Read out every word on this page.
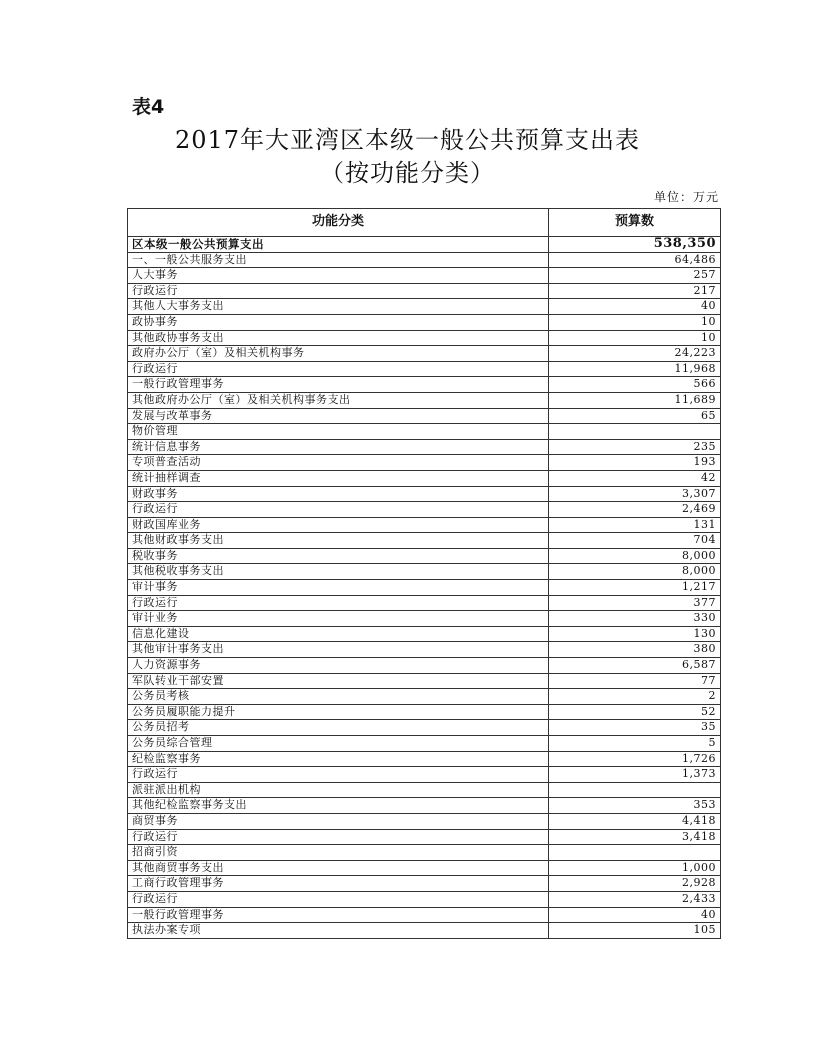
表4
2017年大亚湾区本级一般公共预算支出表
（按功能分类）
单位：万元
功能分类	预算数
区本级一般公共预算支出	538,350
一、一般公共服务支出	64,486
人大事务	257
行政运行	217
其他人大事务支出	40
政协事务	10
其他政协事务支出	10
政府办公厅（室）及相关机构事务	24,223
行政运行	11,968
一般行政管理事务	566
其他政府办公厅（室）及相关机构事务支出	11,689
发展与改革事务	65
物价管理	
统计信息事务	235
专项普查活动	193
统计抽样调查	42
财政事务	3,307
行政运行	2,469
财政国库业务	131
其他财政事务支出	704
税收事务	8,000
其他税收事务支出	8,000
审计事务	1,217
行政运行	377
审计业务	330
信息化建设	130
其他审计事务支出	380
人力资源事务	6,587
军队转业干部安置	77
公务员考核	2
公务员履职能力提升	52
公务员招考	35
公务员综合管理	5
纪检监察事务	1,726
行政运行	1,373
派驻派出机构	
其他纪检监察事务支出	353
商贸事务	4,418
行政运行	3,418
招商引资	
其他商贸事务支出	1,000
工商行政管理事务	2,928
行政运行	2,433
一般行政管理事务	40
执法办案专项	105
